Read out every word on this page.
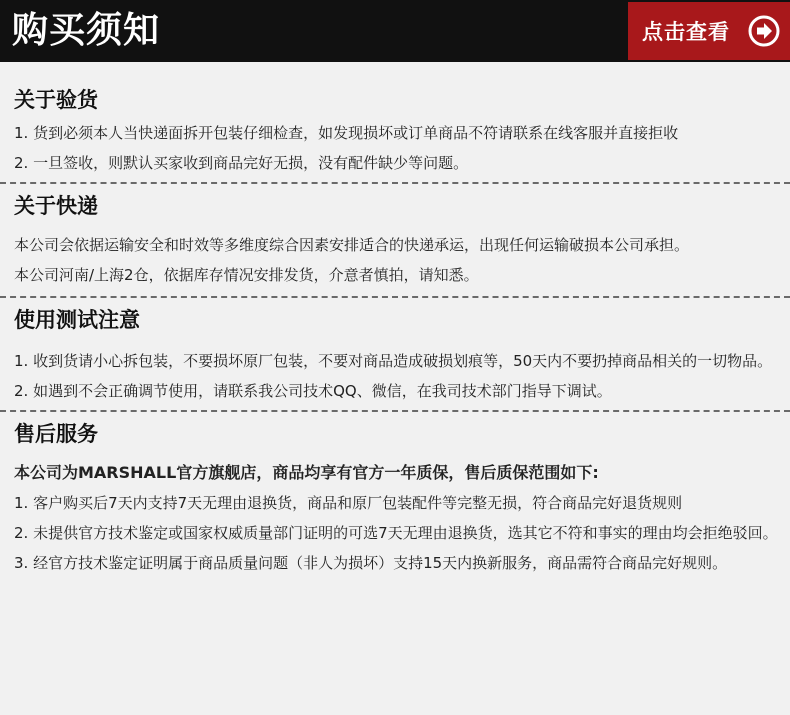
购买须知	点击查看
关于验货

1. 货到必须本人当快递面拆开包装仔细检查，如发现损坏或订单商品不符请联系在线客服并直接拒收

2. 一旦签收，则默认买家收到商品完好无损，没有配件缺少等问题。

关于快递

本公司会依据运输安全和时效等多维度综合因素安排适合的快递承运，出现任何运输破损本公司承担。

本公司河南/上海2仓，依据库存情况安排发货，介意者慎拍，请知悉。

使用测试注意

1. 收到货请小心拆包装，不要损坏原厂包装，不要对商品造成破损划痕等，50天内不要扔掉商品相关的一切物品。

2. 如遇到不会正确调节使用，请联系我公司技术QQ、微信，在我司技术部门指导下调试。

售后服务

本公司为MARSHALL官方旗舰店，商品均享有官方一年质保，售后质保范围如下:

1. 客户购买后7天内支持7天无理由退换货，商品和原厂包装配件等完整无损，符合商品完好退货规则

2. 未提供官方技术鉴定或国家权威质量部门证明的可选7天无理由退换货，选其它不符和事实的理由均会拒绝驳回。

3. 经官方技术鉴定证明属于商品质量问题（非人为损坏）支持15天内换新服务，商品需符合商品完好规则。
